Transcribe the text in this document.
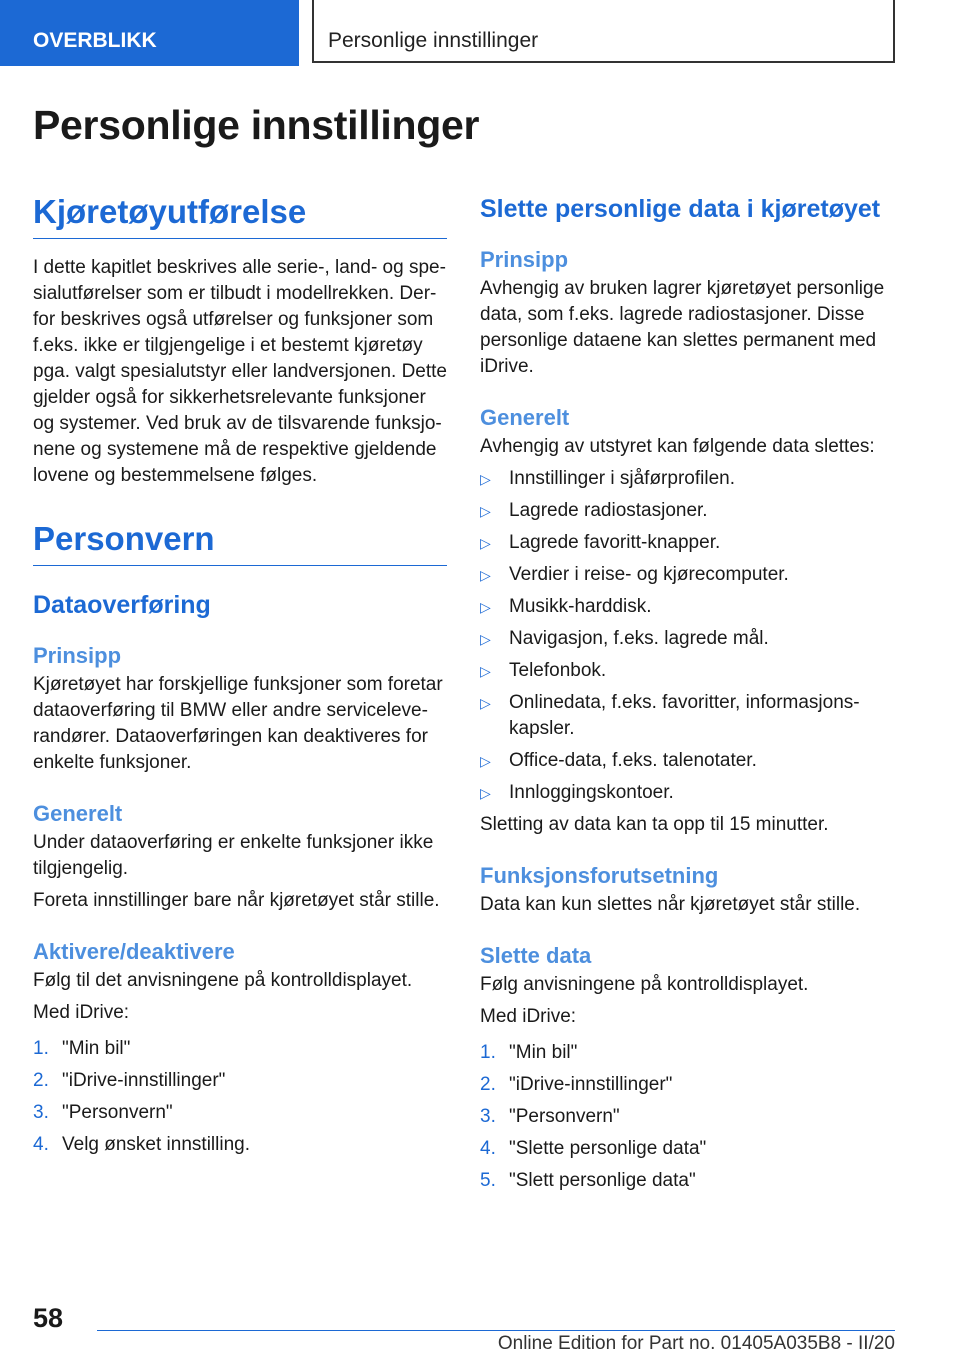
OVERBLIKK	Personlige innstillinger
Personlige innstillinger
Kjøretøyutførelse

I dette kapitlet beskrives alle serie-, land- og spe-sialutførelser som er tilbudt i modellrekken. Der-for beskrives også utførelser og funksjoner som f.eks. ikke er tilgjengelige i et bestemt kjøretøy pga. valgt spesialutstyr eller landversjonen. Dette gjelder også for sikkerhetsrelevante funksjoner og systemer. Ved bruk av de tilsvarende funksjo-nene og systemene må de respektive gjeldende lovene og bestemmelsene følges.

Personvern
Dataoverføring
Prinsipp

Kjøretøyet har forskjellige funksjoner som foretar dataoverføring til BMW eller andre serviceleve-randører. Dataoverføringen kan deaktiveres for enkelte funksjoner.

Generelt

Under dataoverføring er enkelte funksjoner ikke tilgjengelig.

Foreta innstillinger bare når kjøretøyet står stille.

Aktivere/deaktivere

Følg til det anvisningene på kontrolldisplayet.

Med iDrive:

1. "Min bil"
2. "iDrive-innstillinger"
3. "Personvern"
4. Velg ønsket innstilling.
Slette personlige data i kjøretøyet
Prinsipp

Avhengig av bruken lagrer kjøretøyet personlige data, som f.eks. lagrede radiostasjoner. Disse personlige dataene kan slettes permanent med iDrive.

Generelt

Avhengig av utstyret kan følgende data slettes:

▷ Innstillinger i sjåførprofilen.
▷ Lagrede radiostasjoner.
▷ Lagrede favoritt-knapper.
▷ Verdier i reise- og kjørecomputer.
▷ Musikk-harddisk.
▷ Navigasjon, f.eks. lagrede mål.
▷ Telefonbok.
▷ Onlinedata, f.eks. favoritter, informasjons-kapsler.
▷ Office-data, f.eks. talenotater.
▷ Innloggingskontoer.

Sletting av data kan ta opp til 15 minutter.

Funksjonsforutsetning

Data kan kun slettes når kjøretøyet står stille.

Slette data

Følg anvisningene på kontrolldisplayet.

Med iDrive:

1. "Min bil"
2. "iDrive-innstillinger"
3. "Personvern"
4. "Slette personlige data"
5. "Slett personlige data"
58
Online Edition for Part no. 01405A035B8 - II/20
